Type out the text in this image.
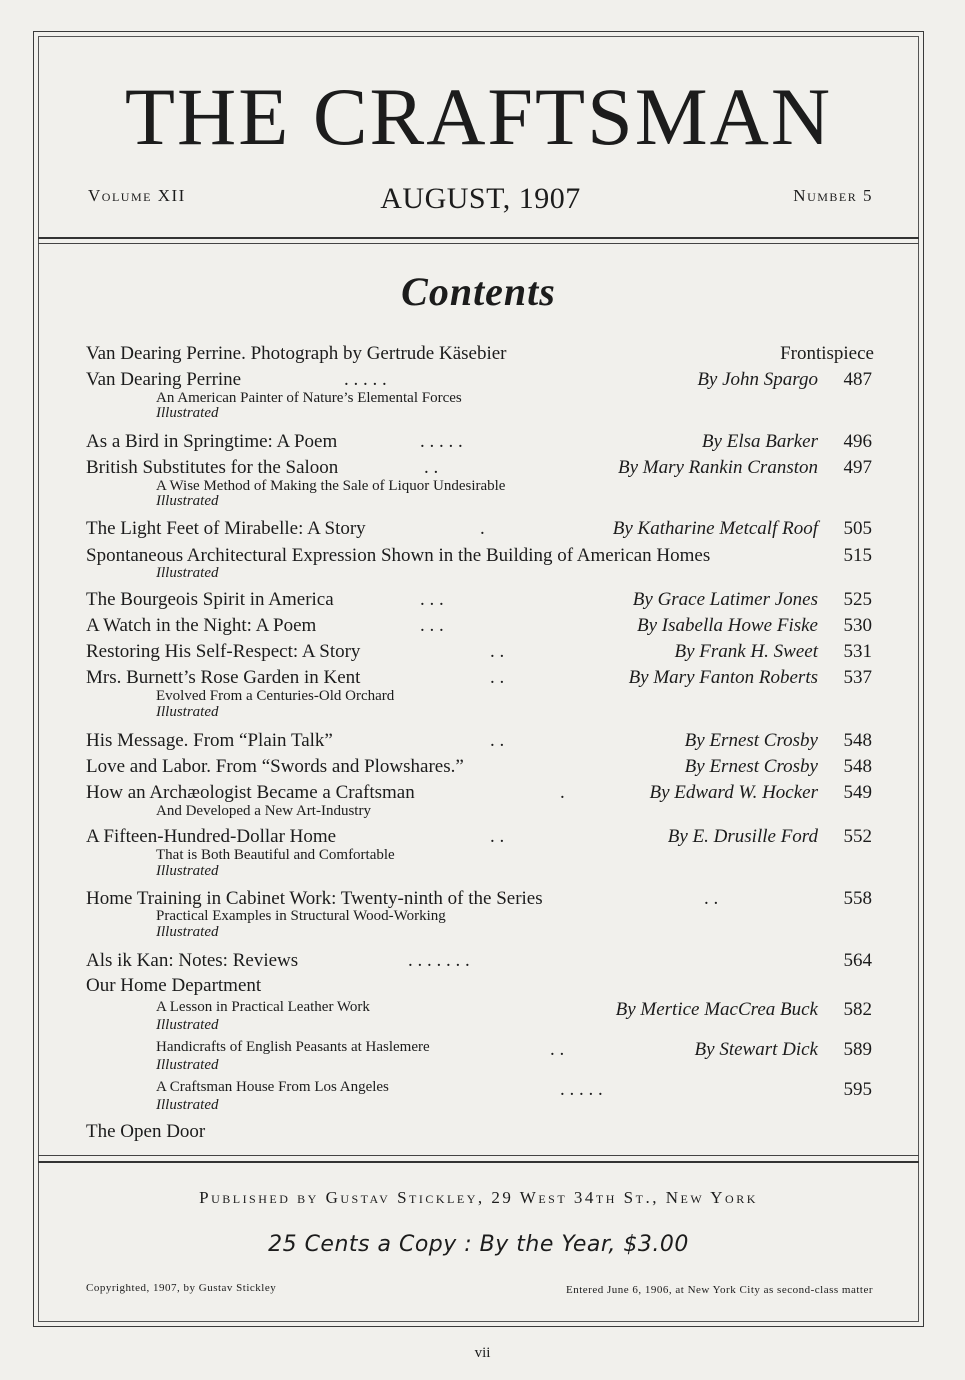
THE CRAFTSMAN
Volume XII	AUGUST, 1907	Number 5
Contents
Van Dearing Perrine. Photograph by Gertrude Käsebier	Frontispiece
Van Dearing Perrine	. . . . .	By John Spargo 487
An American Painter of Nature’s Elemental Forces
Illustrated
As a Bird in Springtime: A Poem	. . . . .	By Elsa Barker 496
British Substitutes for the Saloon	. .	By Mary Rankin Cranston 497
A Wise Method of Making the Sale of Liquor Undesirable
Illustrated
The Light Feet of Mirabelle: A Story	.	By Katharine Metcalf Roof 505
Spontaneous Architectural Expression Shown in the Building of American Homes	515
Illustrated
The Bourgeois Spirit in America	. . .	By Grace Latimer Jones 525
A Watch in the Night: A Poem	. . .	By Isabella Howe Fiske 530
Restoring His Self-Respect: A Story	. .	By Frank H. Sweet 531
Mrs. Burnett’s Rose Garden in Kent	. .	By Mary Fanton Roberts 537
Evolved From a Centuries-Old Orchard
Illustrated
His Message. From “Plain Talk”	. .	By Ernest Crosby 548
Love and Labor. From “Swords and Plowshares.”	By Ernest Crosby 548
How an Archæologist Became a Craftsman	.	By Edward W. Hocker 549
And Developed a New Art-Industry
A Fifteen-Hundred-Dollar Home	. .	By E. Drusille Ford 552
That is Both Beautiful and Comfortable
Illustrated
Home Training in Cabinet Work: Twenty-ninth of the Series	. .	558
Practical Examples in Structural Wood-Working
Illustrated
Als ik Kan: Notes: Reviews	. . . . . . .	564
Our Home Department
A Lesson in Practical Leather Work	By Mertice MacCrea Buck 582
Illustrated
Handicrafts of English Peasants at Haslemere	. .	By Stewart Dick 589
Illustrated
A Craftsman House From Los Angeles	. . . . .	595
Illustrated
The Open Door
Published by Gustav Stickley, 29 West 34th St., New York
25 Cents a Copy : By the Year, $3.00
Copyrighted, 1907, by Gustav Stickley	Entered June 6, 1906, at New York City as second-class matter
vii
